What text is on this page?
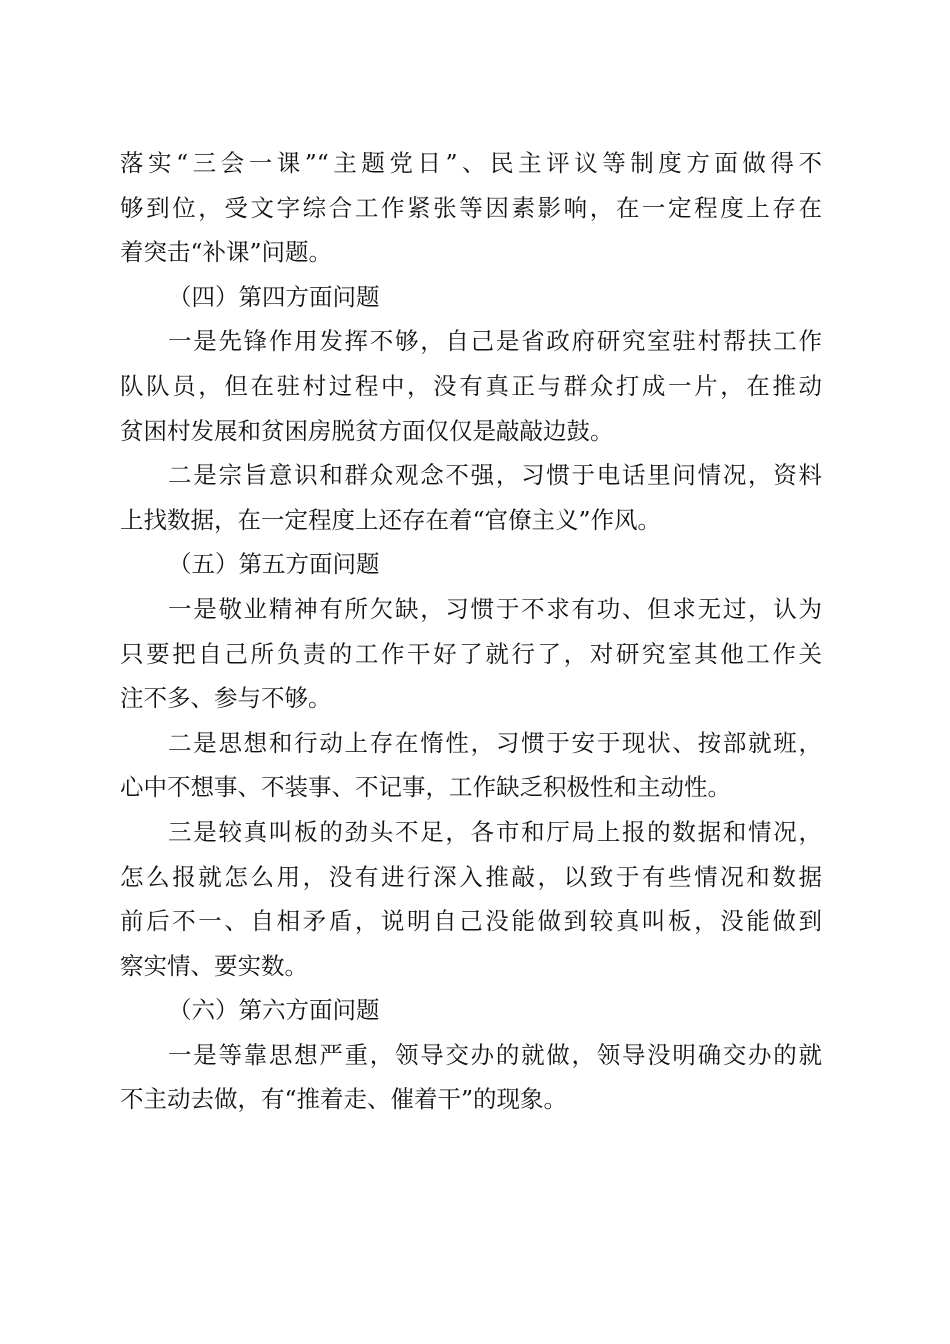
落实“三会一课”“主题党日”、民主评议等制度方面做得不
够到位，受文字综合工作紧张等因素影响，在一定程度上存在
着突击“补课”问题。
（四）第四方面问题
一是先锋作用发挥不够，自己是省政府研究室驻村帮扶工作
队队员，但在驻村过程中，没有真正与群众打成一片，在推动
贫困村发展和贫困房脱贫方面仅仅是敲敲边鼓。
二是宗旨意识和群众观念不强，习惯于电话里问情况，资料
上找数据，在一定程度上还存在着“官僚主义”作风。
（五）第五方面问题
一是敬业精神有所欠缺，习惯于不求有功、但求无过，认为
只要把自己所负责的工作干好了就行了，对研究室其他工作关
注不多、参与不够。
二是思想和行动上存在惰性，习惯于安于现状、按部就班，
心中不想事、不装事、不记事，工作缺乏积极性和主动性。
三是较真叫板的劲头不足，各市和厅局上报的数据和情况，
怎么报就怎么用，没有进行深入推敲，以致于有些情况和数据
前后不一、自相矛盾，说明自己没能做到较真叫板，没能做到
察实情、要实数。
（六）第六方面问题
一是等靠思想严重，领导交办的就做，领导没明确交办的就
不主动去做，有“推着走、催着干”的现象。
